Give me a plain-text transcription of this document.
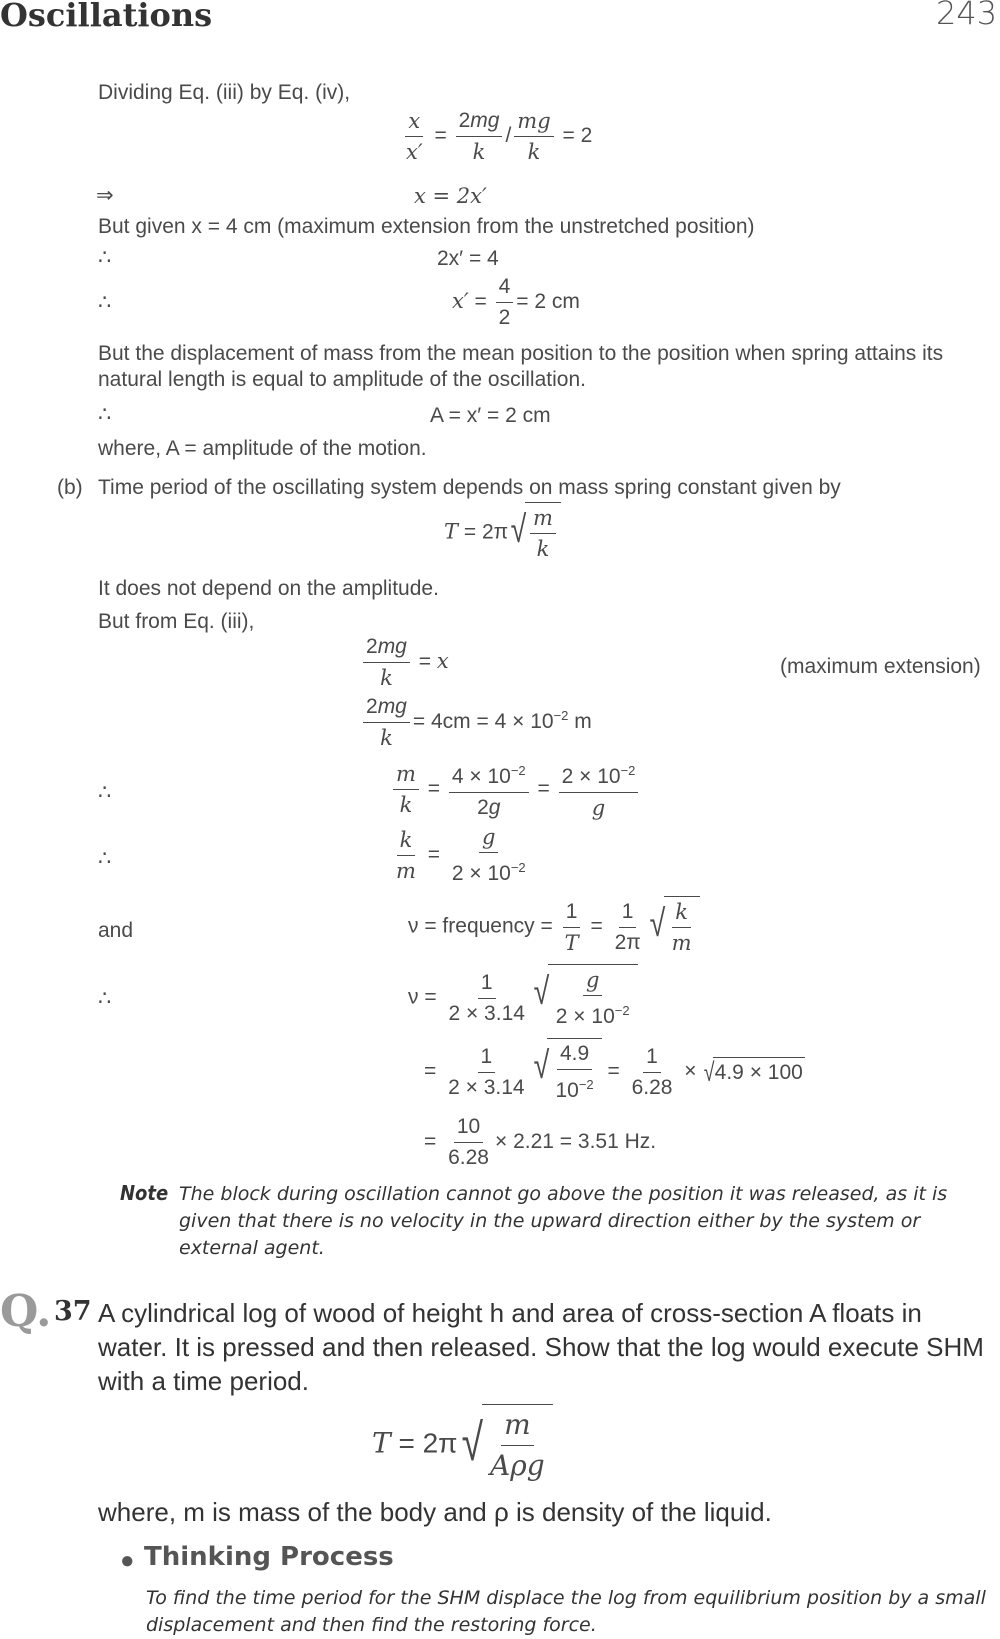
Oscillations	243
Dividing Eq. (iii) by Eq. (iv),
$\frac{x}{x'} = \frac{2mg}{k} / \frac{mg}{k} = 2$
⇒	x = 2x′
But given x = 4 cm (maximum extension from the unstretched position)
∴	2x′ = 4
∴	$x' = \frac{4}{2} = 2$ cm
But the displacement of mass from the mean position to the position when spring attains its natural length is equal to amplitude of the oscillation.
∴	A = x′ = 2 cm
where, A = amplitude of the motion.
(b) Time period of the oscillating system depends on mass spring constant given by
T = 2π √ $\frac{m}{k}$
It does not depend on the amplitude.
But from Eq. (iii),
$\frac{2mg}{k} = x$	(maximum extension)
$\frac{2mg}{k} = 4cm = 4 \times 10^{-2}$ m
∴	$\frac{m}{k} = \frac{4 \times 10^{-2}}{2g} = \frac{2 \times 10^{-2}}{g}$
∴	$\frac{k}{m} = \frac{g}{2 \times 10^{-2}}$
and	ν = frequency = $\frac{1}{T} = \frac{1}{2\pi}$ √ $\frac{k}{m}$
∴	$\nu = \frac{1}{2 \times 3.14}$ √ $\frac{g}{2 \times 10^{-2}}$
= $\frac{1}{2 \times 3.14}$ √ $\frac{4.9}{10^{-2}} = \frac{1}{6.28}$ × √ 4.9 × 100
= $\frac{10}{6.28} \times 2.21 = 3.51$ Hz.
Note The block during oscillation cannot go above the position it was released, as it is given that there is no velocity in the upward direction either by the system or external agent.
Q. 37 A cylindrical log of wood of height h and area of cross-section A floats in water. It is pressed and then released. Show that the log would execute SHM with a time period.
T = 2π √ $\frac{m}{\text{Aρg}}$
where, m is mass of the body and ρ is density of the liquid.
● Thinking Process
To find the time period for the SHM displace the log from equilibrium position by a small displacement and then find the restoring force.
